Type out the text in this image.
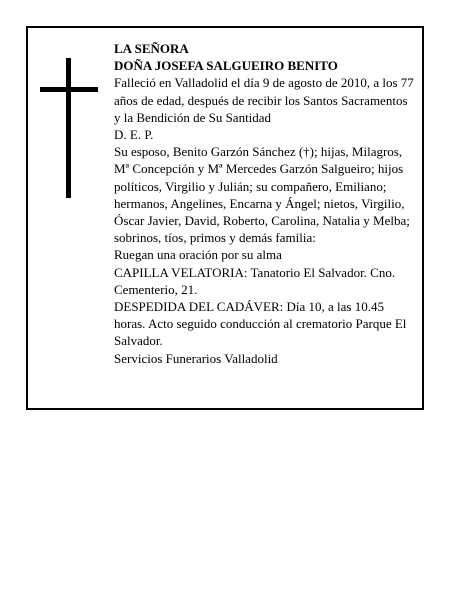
LA SEÑORA

DOÑA JOSEFA SALGUEIRO BENITO

Falleció en Valladolid el día 9 de agosto de 2010, a los 77 años de edad, después de recibir los Santos Sacramentos y la Bendición de Su Santidad

D. E. P.

Su esposo, Benito Garzón Sánchez (†); hijas, Milagros, Mª Concepción y Mª Mercedes Garzón Salgueiro; hijos políticos, Virgilio y Julián; su compañero, Emiliano; hermanos, Angelines, Encarna y Ángel; nietos, Virgilio, Óscar Javier, David, Roberto, Carolina, Natalia y Melba; sobrinos, tíos, primos y demás familia:

Ruegan una oración por su alma

CAPILLA VELATORIA: Tanatorio El Salvador. Cno. Cementerio, 21.

DESPEDIDA DEL CADÁVER: Día 10, a las 10.45 horas. Acto seguido conducción al crematorio Parque El Salvador.

Servicios Funerarios Valladolid
